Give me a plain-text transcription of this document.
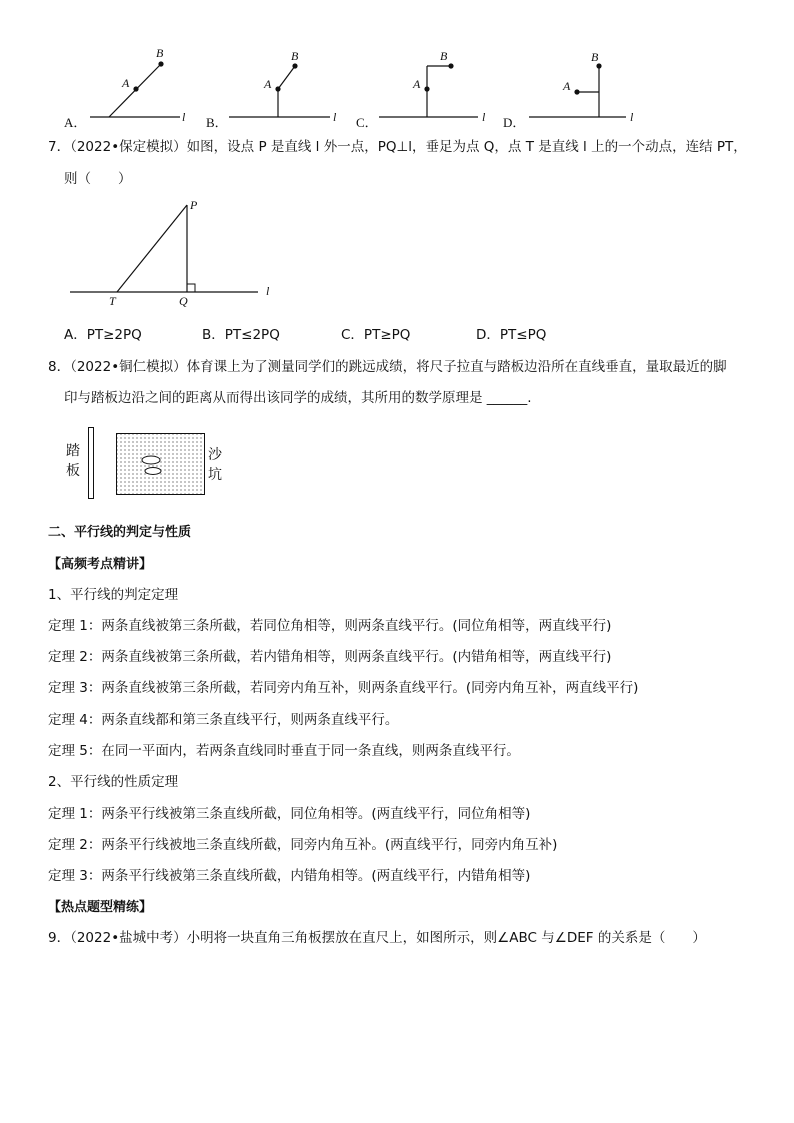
A．	B．	C．	D．
A
B
l
A
B
l
A
B
l
A
B
l
7．（2022•保定模拟）如图，设点 P 是直线 l 外一点，PQ⊥l，垂足为点 Q，点 T 是直线 l 上的一个动点，连结 PT，
则（　　）
P
T	Q
l
A．PT≥2PQ	B．PT≤2PQ	C．PT≥PQ	D．PT≤PQ
8．（2022•铜仁模拟）体育课上为了测量同学们的跳远成绩，将尺子拉直与踏板边沿所在直线垂直，量取最近的脚
印与踏板边沿之间的距离从而得出该同学的成绩，其所用的数学原理是 ______.
踏
板
沙
坑
二、平行线的判定与性质
【高频考点精讲】
1、平行线的判定定理
定理 1：两条直线被第三条所截，若同位角相等，则两条直线平行。(同位角相等，两直线平行)
定理 2：两条直线被第三条所截，若内错角相等，则两条直线平行。(内错角相等，两直线平行)
定理 3：两条直线被第三条所截，若同旁内角互补，则两条直线平行。(同旁内角互补，两直线平行)
定理 4：两条直线都和第三条直线平行，则两条直线平行。
定理 5：在同一平面内，若两条直线同时垂直于同一条直线，则两条直线平行。
2、平行线的性质定理
定理 1：两条平行线被第三条直线所截，同位角相等。(两直线平行，同位角相等)
定理 2：两条平行线被地三条直线所截，同旁内角互补。(两直线平行，同旁内角互补)
定理 3：两条平行线被第三条直线所截，内错角相等。(两直线平行，内错角相等)
【热点题型精练】
9．（2022•盐城中考）小明将一块直角三角板摆放在直尺上，如图所示，则∠ABC 与∠DEF 的关系是（　　）
